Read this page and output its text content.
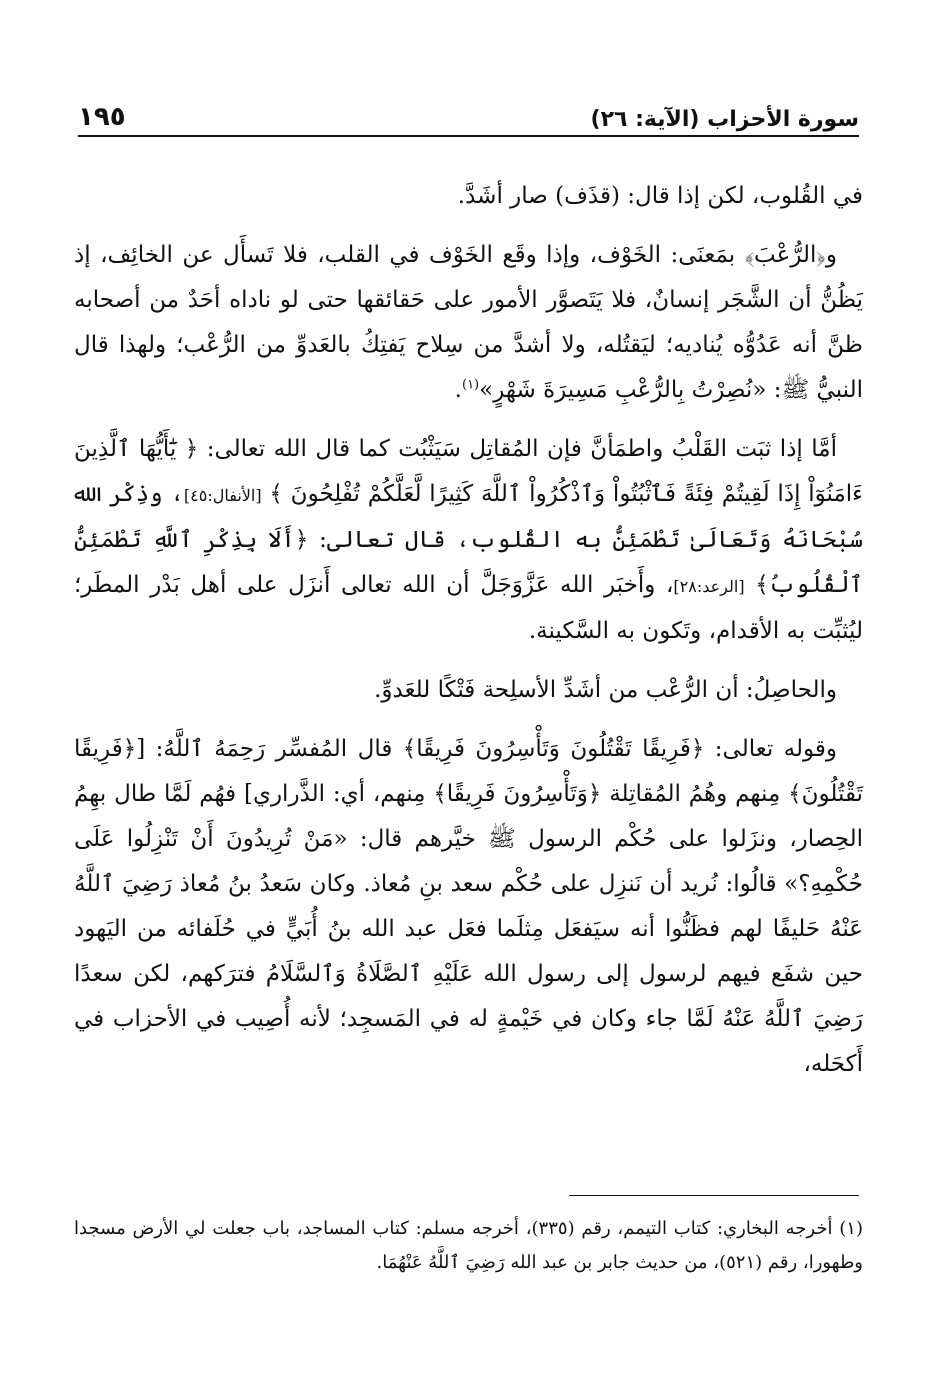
سورة الأحزاب (الآية: ٢٦)
١٩٥

في القُلوب، لكن إذا قال: (قذَف) صار أشَدَّ.

و﴿الرُّعْبَ﴾ بمَعنَى: الخَوْف، وإذا وقَع الخَوْف في القلب، فلا تَسأَل عن الخائِف، إذ يَظُنُّ أن الشَّجَر إنسانٌ، فلا يَتَصوَّر الأمور على حَقائقها حتى لو ناداه أحَدٌ من أصحابه ظنَّ أنه عَدُوُّه يُناديه؛ ليَقتُله، ولا أشدَّ من سِلاح يَفتِكُ بالعَدوِّ من الرُّعْب؛ ولهذا قال النبيُّ ﷺ: «نُصِرْتُ بِالرُّعْبِ مَسِيرَةَ شَهْرٍ»$^{(١)}$.

أمَّا إذا ثبَت القَلْبُ واطمَأنَّ فإن المُقاتِل سَيَثْبُت كما قال الله تعالى: ﴿ يَٰٓأَيُّهَا ٱلَّذِينَ ءَامَنُوٓاْ إِذَا لَقِيتُمْ فِئَةً فَٱثْبُتُواْ وَٱذْكُرُواْ ٱللَّهَ كَثِيرًا لَّعَلَّكُمْ تُفْلِحُونَ ﴾ [الأنفال:٤٥]، وذِكْر الله سُبْحَانَهُ وَتَعَالَىٰ تَطْمَئِنُّ به القُلوب، قال تعالى: ﴿أَلَا بِذِكْرِ ٱللَّهِ تَطْمَئِنُّ ٱلْقُلُوبُ﴾ [الرعد:٢٨]، وأَخبَر الله عَزَّوَجَلَّ أن الله تعالى أَنزَل على أهل بَدْر المطَر؛ ليُثبِّت به الأقدام، وتَكون به السَّكينة.

والحاصِلُ: أن الرُّعْب من أشَدِّ الأسلِحة فَتْكًا للعَدوِّ.

وقوله تعالى: ﴿فَرِيقًا تَقْتُلُونَ وَتَأْسِرُونَ فَرِيقًا﴾ قال المُفسِّر رَحِمَهُ ٱللَّهُ: [﴿فَرِيقًا تَقْتُلُونَ﴾ مِنهم وهُمُ المُقاتِلة ﴿وَتَأْسِرُونَ فَرِيقًا﴾ مِنهم، أي: الذَّراري] فهُم لَمَّا طال بهِمُ الحِصار، ونزَلوا على حُكْم الرسول ﷺ خيَّرهم قال: «مَنْ تُرِيدُونَ أَنْ تَنْزِلُوا عَلَى حُكْمِهِ؟» قالُوا: نُريد أن نَنزِل على حُكْم سعد بنِ مُعاذ. وكان سَعدُ بنُ مُعاذ رَضِيَ ٱللَّهُ عَنْهُ حَليفًا لهم فظَنُّوا أنه سيَفعَل مِثلَما فعَل عبد الله بنُ أُبَيٍّ في حُلَفائه من اليَهود حين شفَع فيهم لرسول إلى رسول الله عَلَيْهِ ٱلصَّلَاةُ وَٱلسَّلَامُ فترَكهم، لكن سعدًا رَضِيَ ٱللَّهُ عَنْهُ لَمَّا جاء وكان في خَيْمةٍ له في المَسجِد؛ لأنه أُصِيب في الأحزاب في أَكحَله،

(١) أخرجه البخاري: كتاب التيمم، رقم (٣٣٥)، أخرجه مسلم: كتاب المساجد، باب جعلت لي الأرض مسجدا وطهورا، رقم (٥٢١)، من حديث جابر بن عبد الله رَضِيَ ٱللَّهُ عَنْهُمَا.
